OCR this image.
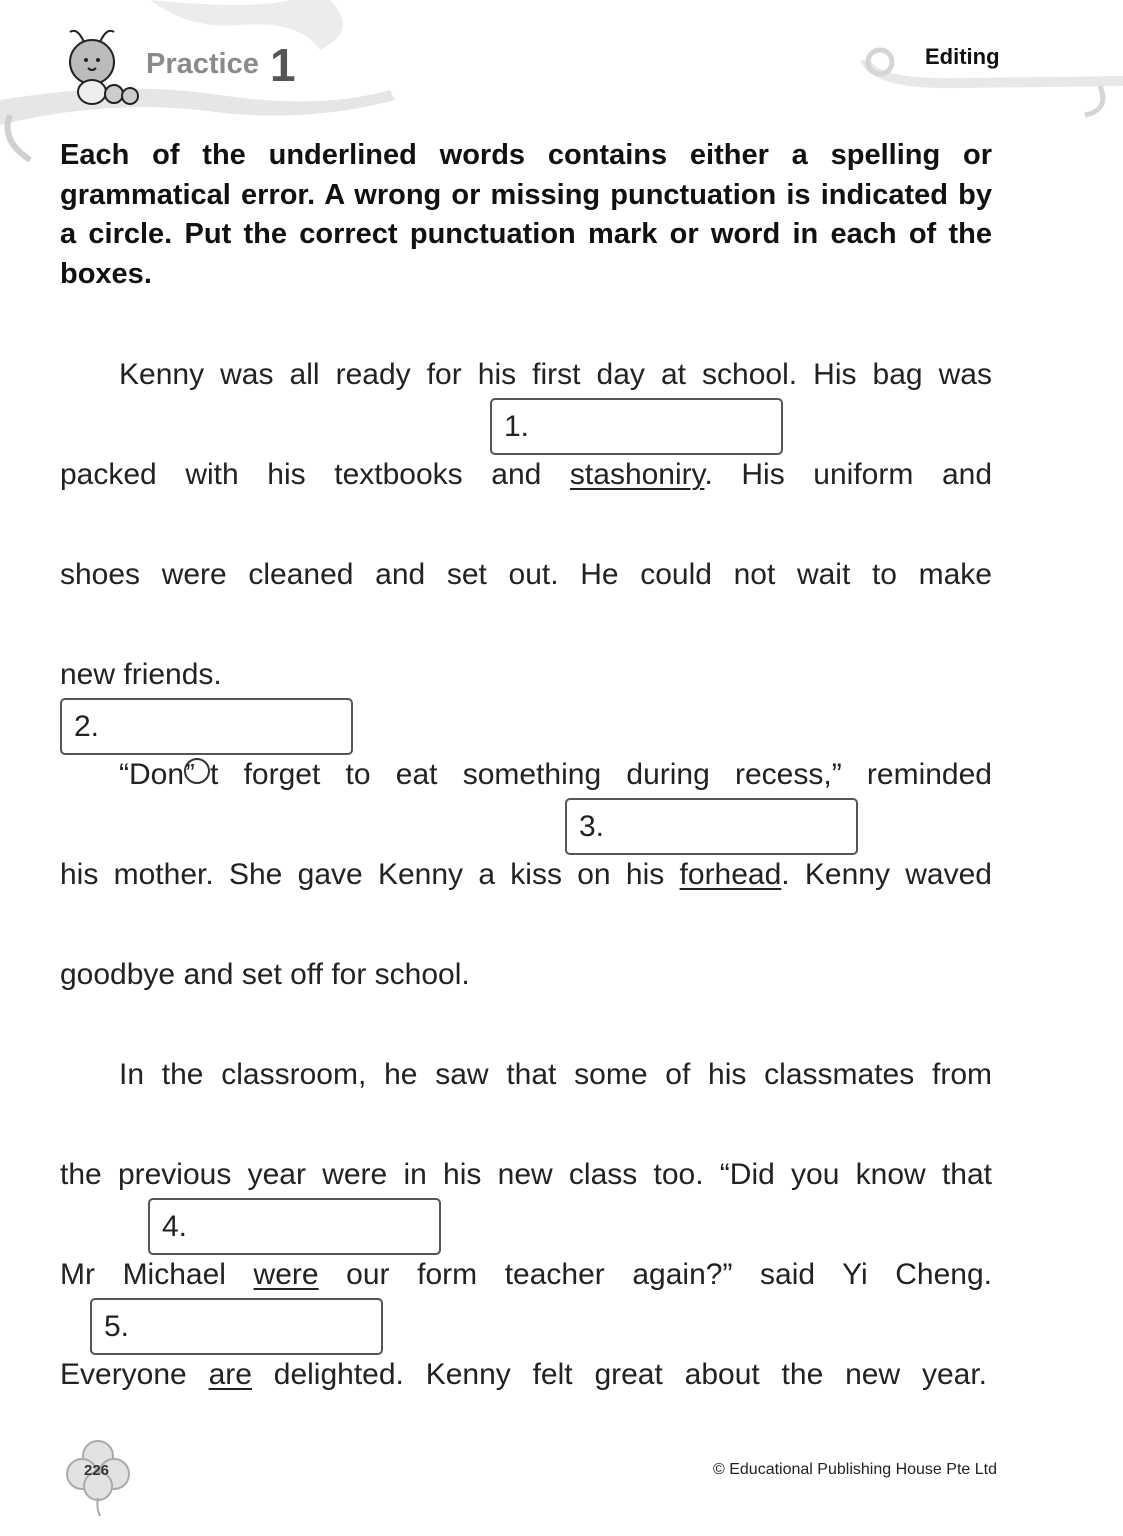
Practice 1	Editing
Each of the underlined words contains either a spelling or grammatical error. A wrong or missing punctuation is indicated by a circle. Put the correct punctuation mark or word in each of the boxes.
Kenny was all ready for his first day at school. His bag was
packed with his textbooks and stashoniry. His uniform and
shoes were cleaned and set out. He could not wait to make
new friends.
“Don” t forget to eat something during recess,” reminded
his mother. She gave Kenny a kiss on his forhead. Kenny waved
goodbye and set off for school.
In the classroom, he saw that some of his classmates from
the previous year were in his new class too. “Did you know that
Mr Michael were our form teacher again?” said Yi Cheng.
Everyone are delighted. Kenny felt great about the new year.
1.
2.
3.
4.
5.
226	© Educational Publishing House Pte Ltd
